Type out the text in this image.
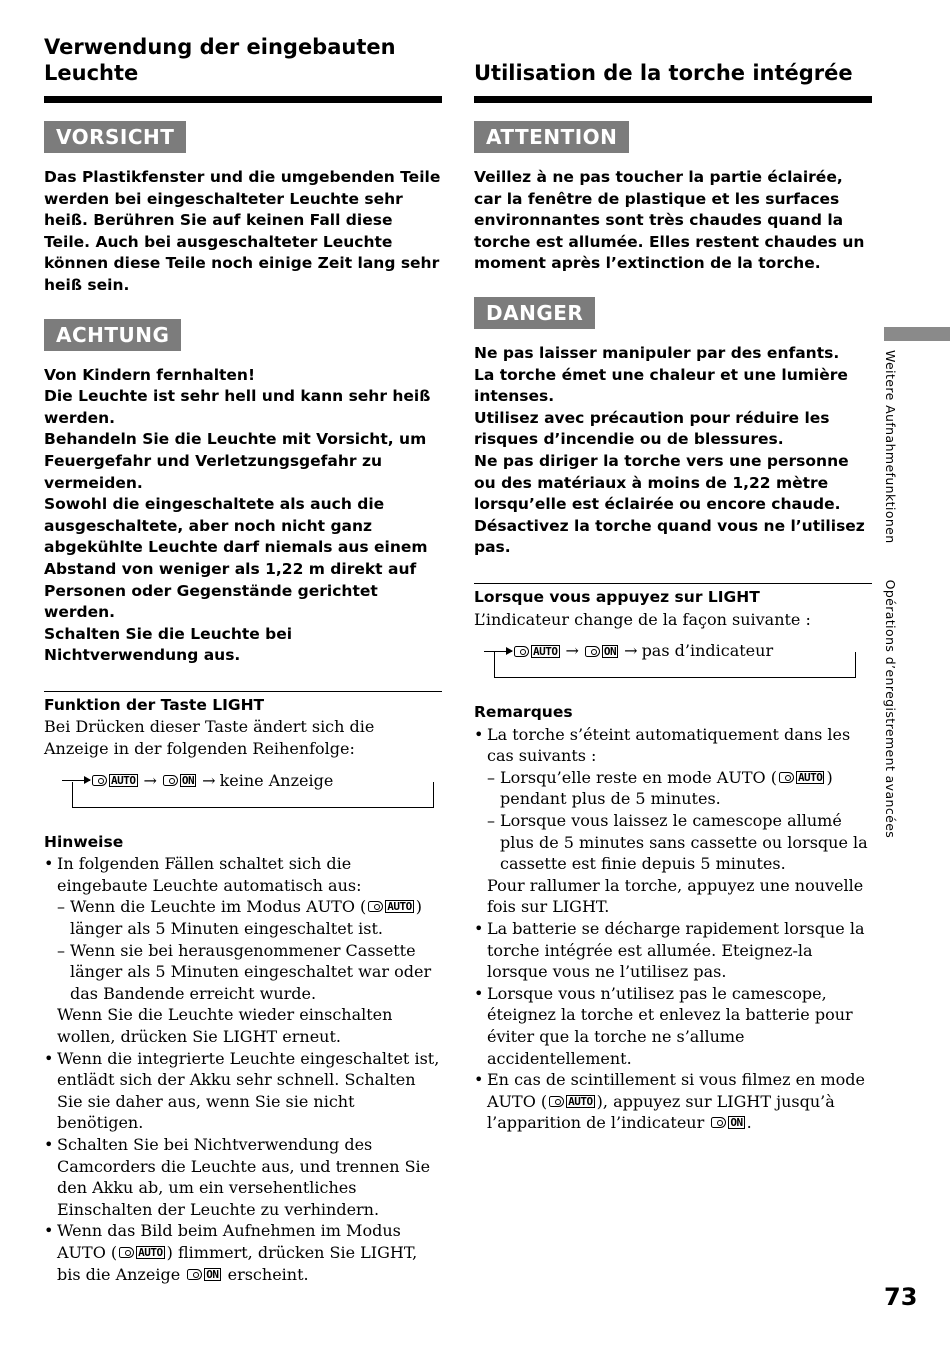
Verwendung der eingebauten Leuchte
VORSICHT
Das Plastikfenster und die umgebenden Teile werden bei eingeschalteter Leuchte sehr heiß. Berühren Sie auf keinen Fall diese Teile. Auch bei ausgeschalteter Leuchte können diese Teile noch einige Zeit lang sehr heiß sein.
ACHTUNG

Von Kindern fernhalten!

Die Leuchte ist sehr hell und kann sehr heiß werden.

Behandeln Sie die Leuchte mit Vorsicht, um Feuergefahr und Verletzungsgefahr zu vermeiden.

Sowohl die eingeschaltete als auch die ausgeschaltete, aber noch nicht ganz abgekühlte Leuchte darf niemals aus einem Abstand von weniger als 1,22 m direkt auf Personen oder Gegenstände gerichtet werden.

Schalten Sie die Leuchte bei Nichtverwendung aus.

Funktion der Taste LIGHT
Bei Drücken dieser Taste ändert sich die Anzeige in der folgenden Reihenfolge:
AUTO →	ON → keine Anzeige
Hinweise
• In folgenden Fällen schaltet sich die eingebaute Leuchte automatisch aus:
– Wenn die Leuchte im Modus AUTO ( AUTO ) länger als 5 Minuten eingeschaltet ist.
– Wenn sie bei herausgenommener Cassette länger als 5 Minuten eingeschaltet war oder das Bandende erreicht wurde.
Wenn Sie die Leuchte wieder einschalten wollen, drücken Sie LIGHT erneut.
• Wenn die integrierte Leuchte eingeschaltet ist, entlädt sich der Akku sehr schnell. Schalten Sie sie daher aus, wenn Sie sie nicht benötigen.
• Schalten Sie bei Nichtverwendung des Camcorders die Leuchte aus, und trennen Sie den Akku ab, um ein versehentliches Einschalten der Leuchte zu verhindern.
• Wenn das Bild beim Aufnehmen im Modus AUTO ( AUTO ) flimmert, drücken Sie LIGHT, bis die Anzeige ON erscheint.
Utilisation de la torche intégrée
ATTENTION
Veillez à ne pas toucher la partie éclairée, car la fenêtre de plastique et les surfaces environnantes sont très chaudes quand la torche est allumée. Elles restent chaudes un moment après l’extinction de la torche.
DANGER

Ne pas laisser manipuler par des enfants.

La torche émet une chaleur et une lumière intenses.

Utilisez avec précaution pour réduire les risques d’incendie ou de blessures.

Ne pas diriger la torche vers une personne ou des matériaux à moins de 1,22 mètre lorsqu’elle est éclairée ou encore chaude.

Désactivez la torche quand vous ne l’utilisez pas.

Lorsque vous appuyez sur LIGHT
L’indicateur change de la façon suivante :
AUTO →	ON → pas d’indicateur
Remarques
• La torche s’éteint automatiquement dans les cas suivants :
– Lorsqu’elle reste en mode AUTO ( AUTO ) pendant plus de 5 minutes.
– Lorsque vous laissez le camescope allumé plus de 5 minutes sans cassette ou lorsque la cassette est finie depuis 5 minutes.
Pour rallumer la torche, appuyez une nouvelle fois sur LIGHT.
• La batterie se décharge rapidement lorsque la torche intégrée est allumée. Eteignez-la lorsque vous ne l’utilisez pas.
• Lorsque vous n’utilisez pas le camescope, éteignez la torche et enlevez la batterie pour éviter que la torche ne s’allume accidentellement.
• En cas de scintillement si vous filmez en mode AUTO ( AUTO ), appuyez sur LIGHT jusqu’à l’apparition de l’indicateur ON .
Weitere AufnahmefunktionenOpérations d’enregistrement avancées
73
